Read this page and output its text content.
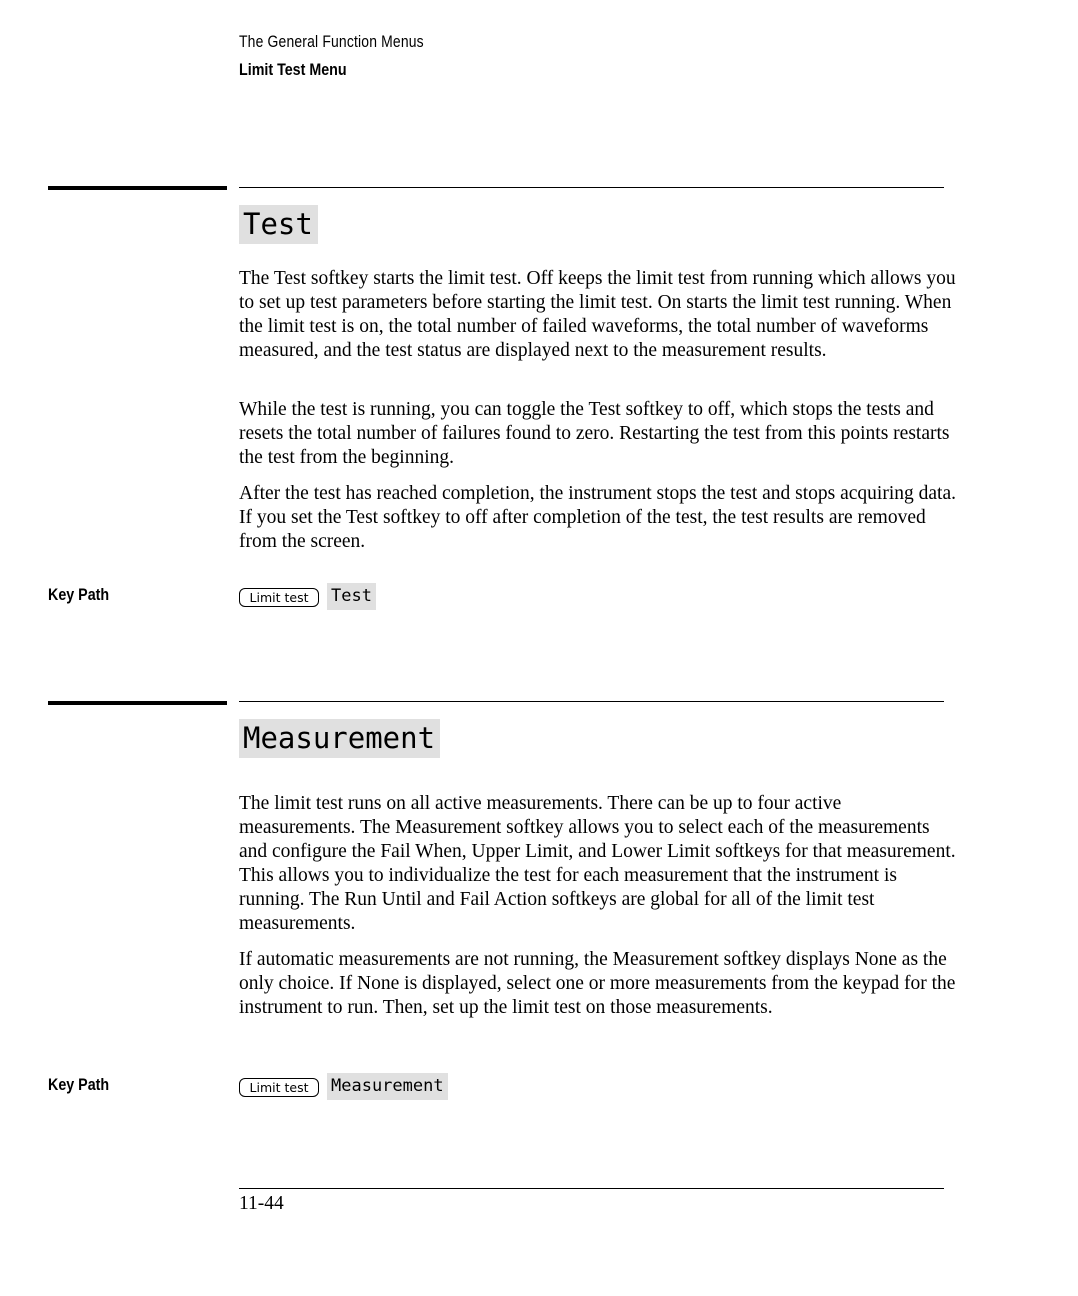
The General Function Menus
Limit Test Menu
Test

The Test softkey starts the limit test. Off keeps the limit test from running which allows you to set up test parameters before starting the limit test. On starts the limit test running. When the limit test is on, the total number of failed waveforms, the total number of waveforms measured, and the test status are displayed next to the measurement results.

While the test is running, you can toggle the Test softkey to off, which stops the tests and resets the total number of failures found to zero. Restarting the test from this points restarts the test from the beginning.

After the test has reached completion, the instrument stops the test and stops acquiring data. If you set the Test softkey to off after completion of the test, the test results are removed from the screen.

Key Path	Limit test	Test
Measurement

The limit test runs on all active measurements. There can be up to four active measurements. The Measurement softkey allows you to select each of the measurements and configure the Fail When, Upper Limit, and Lower Limit softkeys for that measurement. This allows you to individualize the test for each measurement that the instrument is running. The Run Until and Fail Action softkeys are global for all of the limit test measurements.

If automatic measurements are not running, the Measurement softkey displays None as the only choice. If None is displayed, select one or more measurements from the keypad for the instrument to run. Then, set up the limit test on those measurements.

Key Path	Limit test	Measurement
11-44
